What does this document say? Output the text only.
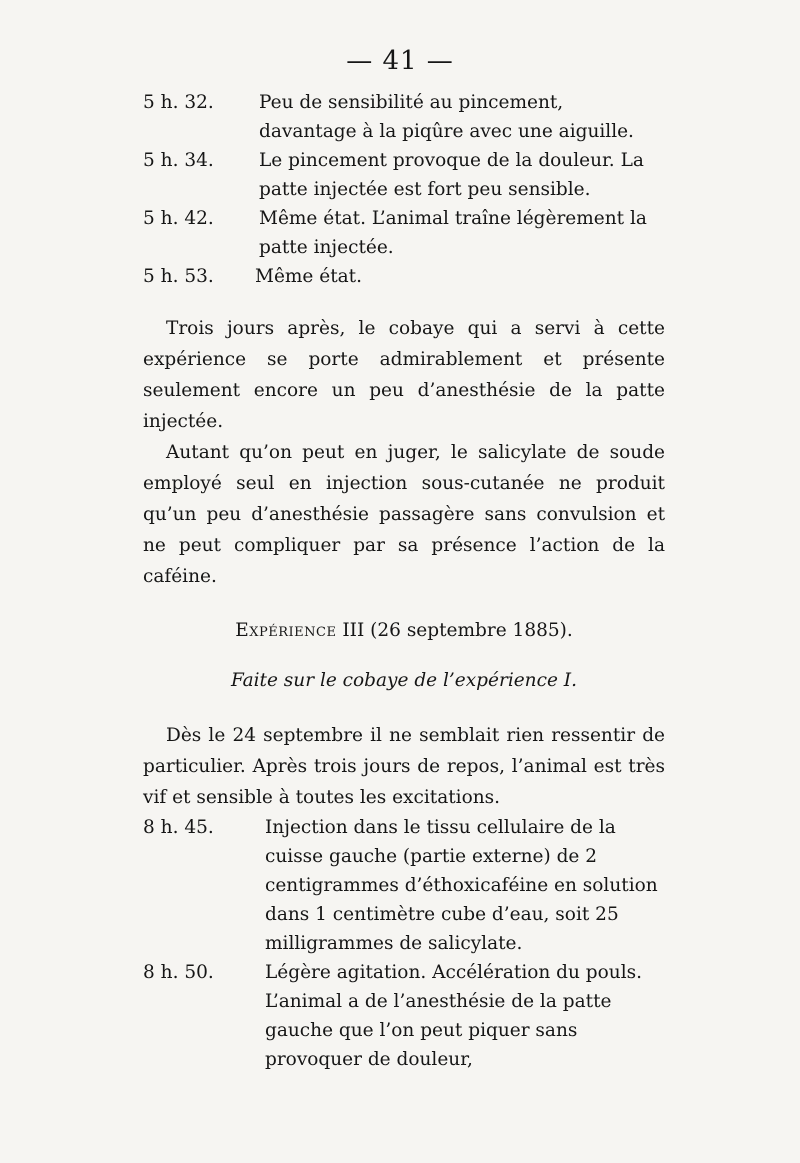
— 41 —
5 h. 32. Peu de sensibilité au pincement, davantage à la piqûre avec une aiguille.
5 h. 34. Le pincement provoque de la douleur. La patte injectée est fort peu sensible.
5 h. 42. Même état. L’animal traîne légèrement la patte injectée.
5 h. 53. Même état.

Trois jours après, le cobaye qui a servi à cette expérience se porte admirablement et présente seulement encore un peu d’anesthésie de la patte injectée.

Autant qu’on peut en juger, le salicylate de soude employé seul en injection sous-cutanée ne produit qu’un peu d’anesthésie passagère sans convulsion et ne peut compliquer par sa présence l’action de la caféine.

Expérience III (26 septembre 1885).
Faite sur le cobaye de l’expérience I.

Dès le 24 septembre il ne semblait rien ressentir de particulier. Après trois jours de repos, l’animal est très vif et sensible à toutes les excitations.

8 h. 45.	Injection dans le tissu cellulaire de la cuisse gauche (partie externe) de 2 centigrammes d’éthoxicaféine en solution dans 1 centimètre cube d’eau, soit 25 milligrammes de salicylate.
8 h. 50.	Légère agitation. Accélération du pouls. L’animal a de l’anesthésie de la patte gauche que l’on peut piquer sans provoquer de douleur,
